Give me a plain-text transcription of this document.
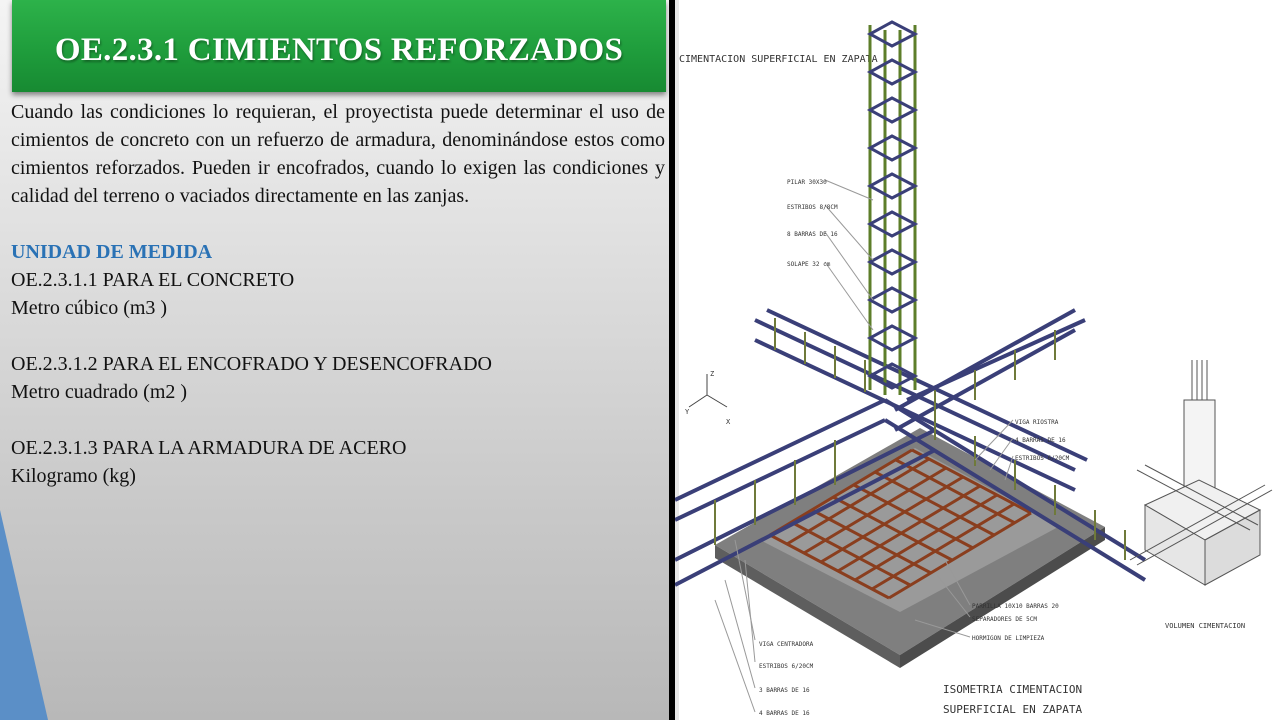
OE.2.3.1 CIMIENTOS REFORZADOS

Cuando las condiciones lo requieran, el proyectista puede determinar el uso de cimientos de concreto con un refuerzo de armadura, denominándose estos como cimientos reforzados. Pueden ir encofrados, cuando lo exigen las condiciones y calidad del terreno o vaciados directamente en las zanjas.

UNIDAD DE MEDIDA

OE.2.3.1.1 PARA EL CONCRETO

Metro cúbico (m3 )

OE.2.3.1.2 PARA EL ENCOFRADO Y DESENCOFRADO

Metro cuadrado (m2 )

OE.2.3.1.3 PARA LA ARMADURA DE ACERO

Kilogramo (kg)

CIMENTACION SUPERFICIAL EN ZAPATA
PILAR 30X30
ESTRIBOS 8/8CM
8 BARRAS DE 16
SOLAPE 32 cm
VIGA RIOSTRA
4 BARRAS DE 16
ESTRIBOS 6/20CM
PARRILLA 10X10 BARRAS 20
SEPARADORES DE 5CM
HORMIGON DE LIMPIEZA
VIGA CENTRADORA
ESTRIBOS 6/20CM
3 BARRAS DE 16
4 BARRAS DE 16
Z
Y
X
VOLUMEN CIMENTACION
ISOMETRIA CIMENTACION
SUPERFICIAL EN ZAPATA
